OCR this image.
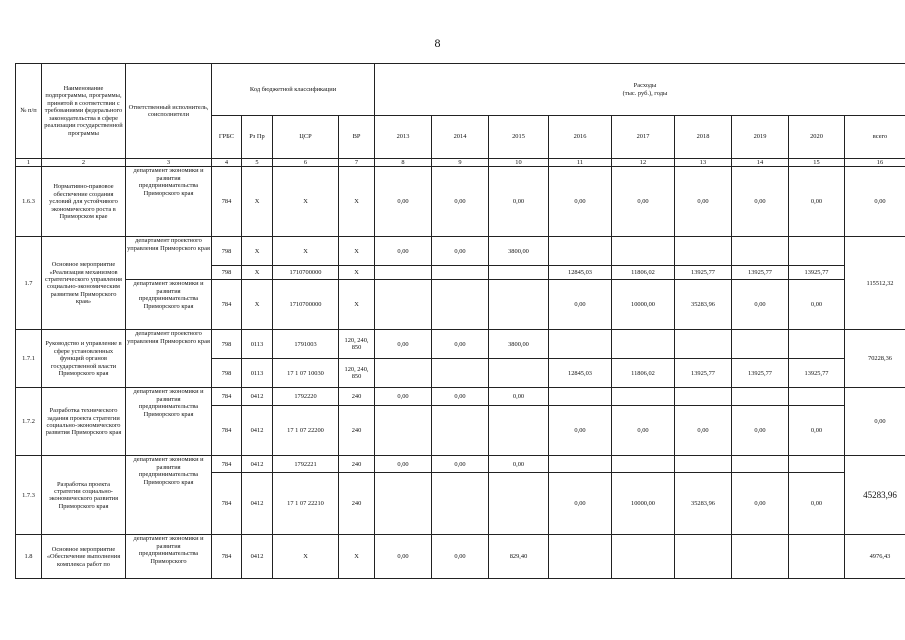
8
№ п/п	Наименование подпрограммы, программы, принятой в соответствии с требованиями федерального законодательства в сфере реализации государственной программы	Ответственный исполнитель, соисполнители	Код бюджетной классификации				Расходы
(тыс. руб.), годы								

			ГРБС	Рз Пр	ЦСР	ВР	2013	2014	2015	2016	2017	2018	2019	2020	всего
1	2	3	4	5	6	7	8	9	10	11	12	13	14	15	16
1.6.3	Нормативно-правовое обеспечение создания условий для устойчивого экономического роста в Приморском крае	департамент экономики и развития предпринимательства Приморского края	784	X	X	X	0,00	0,00	0,00	0,00	0,00	0,00	0,00	0,00	0,00
1.7	Основное мероприятие «Реализация механизмов стратегического управления социально-экономическим развитием Приморского края»	департамент проектного управления Приморского края	798	X	X	X	0,00	0,00	3800,00						115512,32
			798	X	1710700000	X				12845,03	11806,02	13925,77	13925,77	13925,77	
		департамент экономики и развития предпринимательства Приморского края	784	X	1710700000	X				0,00	10000,00	35283,96	0,00	0,00	
1.7.1	Руководство и управление в сфере установленных функций органов государственной власти Приморского края	департамент проектного управления Приморского края	798	0113	1791003	120, 240, 850	0,00	0,00	3800,00						70228,36
			798	0113	17 1 07 10030	120, 240, 850				12845,03	11806,02	13925,77	13925,77	13925,77	
1.7.2	Разработка технического задания проекта стратегии социально-экономического развития Приморского края	департамент экономики и развития предпринимательства Приморского края	784	0412	1792220	240	0,00	0,00	0,00						0,00
			784	0412	17 1 07 22200	240				0,00	0,00	0,00	0,00	0,00	
1.7.3	Разработка проекта стратегии социально-экономического развития Приморского края	департамент экономики и развития предпринимательства Приморского края	784	0412	1792221	240	0,00	0,00	0,00						45283,96
			784	0412	17 1 07 22210	240				0,00	10000,00	35283,96	0,00	0,00	
1.8	Основное мероприятие «Обеспечение выполнения комплекса работ по	департамент экономики и развития предпринимательства Приморского	784	0412	X	X	0,00	0,00	829,40						4976,43
